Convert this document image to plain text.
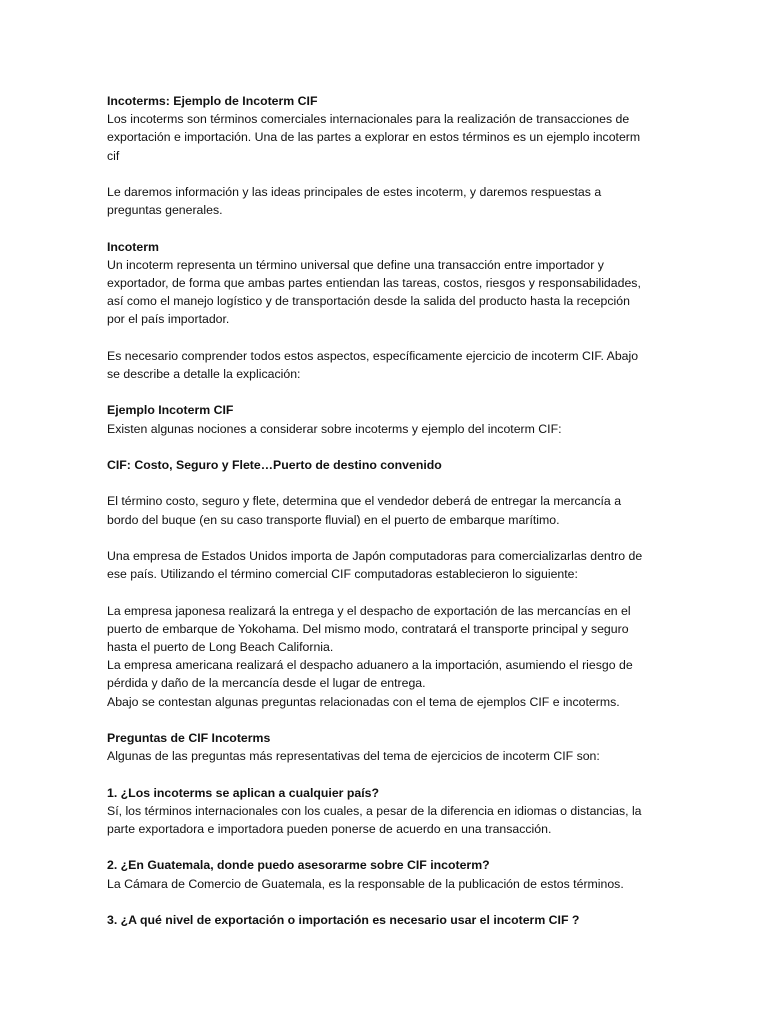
Incoterms: Ejemplo de Incoterm CIF
Los incoterms son términos comerciales internacionales para la realización de transacciones de
exportación e importación. Una de las partes a explorar en estos términos es un ejemplo incoterm
cif
Le daremos información y las ideas principales de estes incoterm, y daremos respuestas a
preguntas generales.
Incoterm
Un incoterm representa un término universal que define una transacción entre importador y
exportador, de forma que ambas partes entiendan las tareas, costos, riesgos y responsabilidades,
así como el manejo logístico y de transportación desde la salida del producto hasta la recepción
por el país importador.
Es necesario comprender todos estos aspectos, específicamente ejercicio de incoterm CIF. Abajo
se describe a detalle la explicación:
Ejemplo Incoterm CIF
Existen algunas nociones a considerar sobre incoterms y ejemplo del incoterm CIF:
CIF: Costo, Seguro y Flete…Puerto de destino convenido
El término costo, seguro y flete, determina que el vendedor deberá de entregar la mercancía a
bordo del buque (en su caso transporte fluvial) en el puerto de embarque marítimo.
Una empresa de Estados Unidos importa de Japón computadoras para comercializarlas dentro de
ese país. Utilizando el término comercial CIF computadoras establecieron lo siguiente:
La empresa japonesa realizará la entrega y el despacho de exportación de las mercancías en el
puerto de embarque de Yokohama. Del mismo modo, contratará el transporte principal y seguro
hasta el puerto de Long Beach California.
La empresa americana realizará el despacho aduanero a la importación, asumiendo el riesgo de
pérdida y daño de la mercancía desde el lugar de entrega.
Abajo se contestan algunas preguntas relacionadas con el tema de ejemplos CIF e incoterms.
Preguntas de CIF Incoterms
Algunas de las preguntas más representativas del tema de ejercicios de incoterm CIF son:
1. ¿Los incoterms se aplican a cualquier país?
Sí, los términos internacionales con los cuales, a pesar de la diferencia en idiomas o distancias, la
parte exportadora e importadora pueden ponerse de acuerdo en una transacción.
2. ¿En Guatemala, donde puedo asesorarme sobre CIF incoterm?
La Cámara de Comercio de Guatemala, es la responsable de la publicación de estos términos.
3. ¿A qué nivel de exportación o importación es necesario usar el incoterm CIF ?
